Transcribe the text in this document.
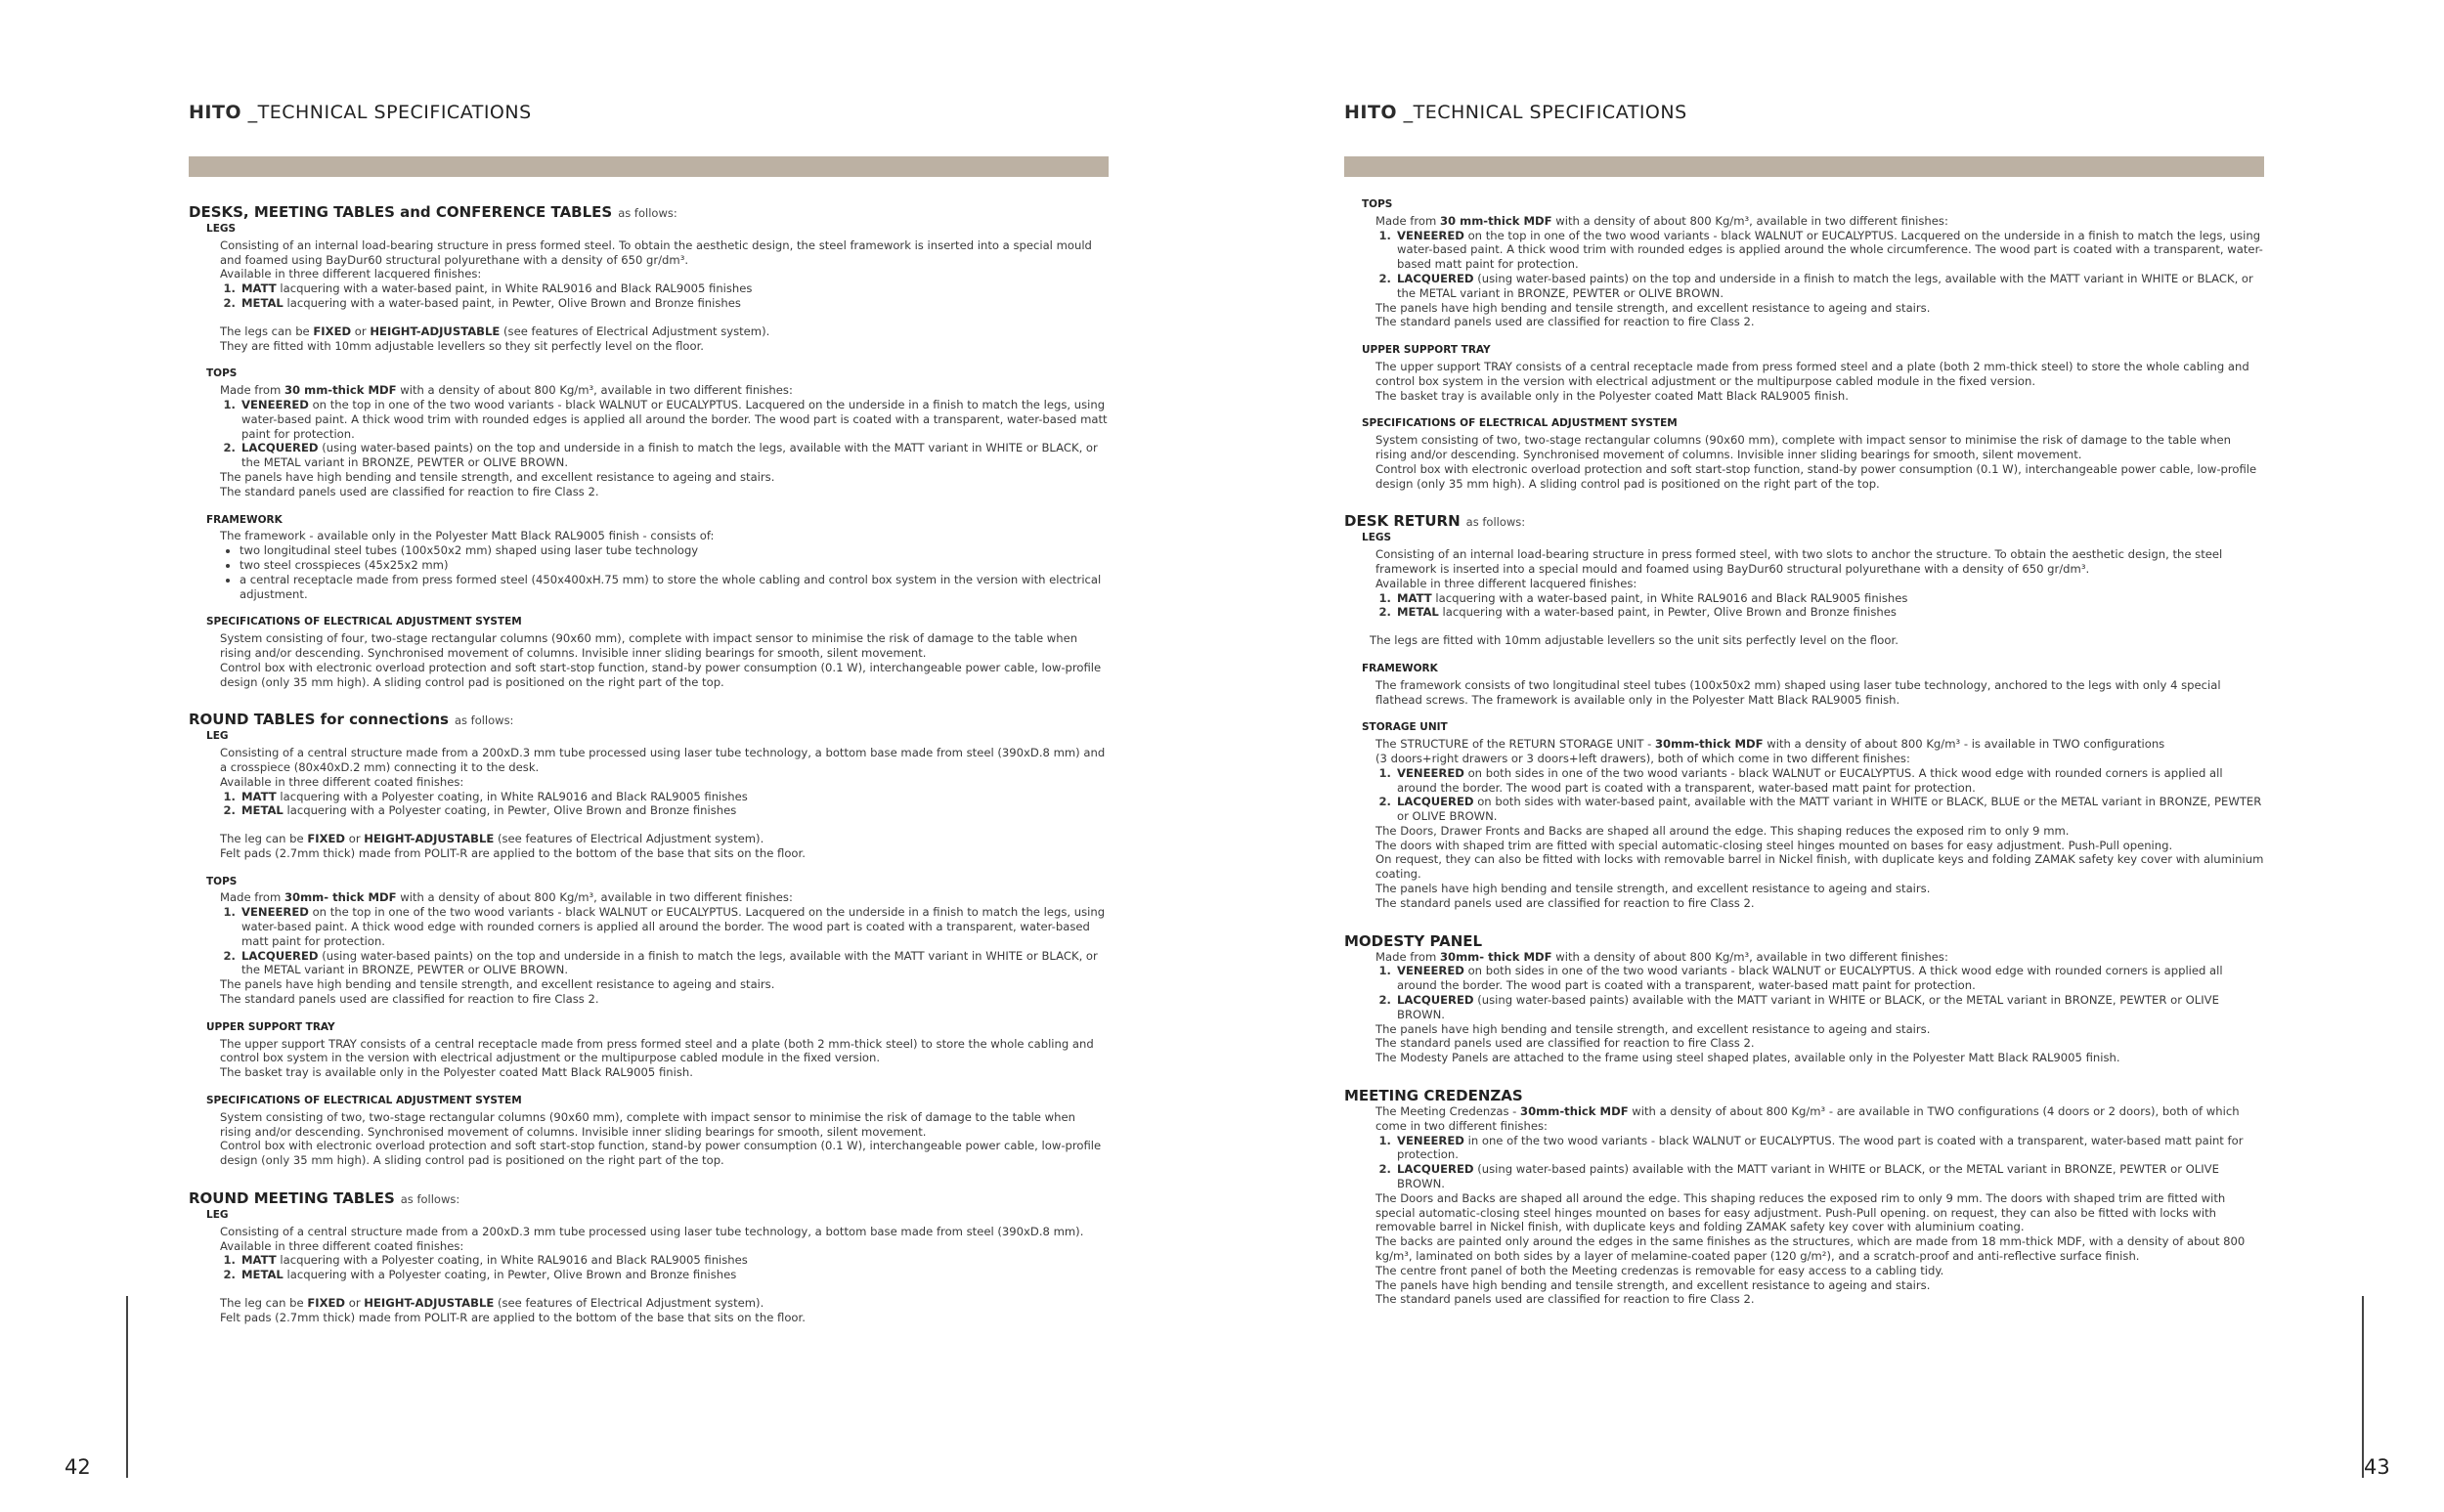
HITO _TECHNICAL SPECIFICATIONS
DESKS, MEETING TABLES and CONFERENCE TABLES as follows:
LEGS
Consisting of an internal load-bearing structure in press formed steel. To obtain the aesthetic design, the steel framework is inserted into a special mould and foamed using BayDur60 structural polyurethane with a density of 650 gr/dm³.
Available in three different lacquered finishes:
1. MATT lacquering with a water-based paint, in White RAL9016 and Black RAL9005 finishes
2. METAL lacquering with a water-based paint, in Pewter, Olive Brown and Bronze finishes
The legs can be FIXED or HEIGHT-ADJUSTABLE (see features of Electrical Adjustment system).
They are fitted with 10mm adjustable levellers so they sit perfectly level on the floor.
TOPS
Made from 30 mm-thick MDF with a density of about 800 Kg/m³, available in two different finishes:
1. VENEERED on the top in one of the two wood variants - black WALNUT or EUCALYPTUS. Lacquered on the underside in a finish to match the legs, using water-based paint. A thick wood trim with rounded edges is applied all around the border. The wood part is coated with a transparent, water-based matt paint for protection.
2. LACQUERED (using water-based paints) on the top and underside in a finish to match the legs, available with the MATT variant in WHITE or BLACK, or the METAL variant in BRONZE, PEWTER or OLIVE BROWN.
The panels have high bending and tensile strength, and excellent resistance to ageing and stairs.
The standard panels used are classified for reaction to fire Class 2.
FRAMEWORK
The framework - available only in the Polyester Matt Black RAL9005 finish - consists of:
• two longitudinal steel tubes (100x50x2 mm) shaped using laser tube technology
• two steel crosspieces (45x25x2 mm)
• a central receptacle made from press formed steel (450x400xH.75 mm) to store the whole cabling and control box system in the version with electrical adjustment.
SPECIFICATIONS OF ELECTRICAL ADJUSTMENT SYSTEM
System consisting of four, two-stage rectangular columns (90x60 mm), complete with impact sensor to minimise the risk of damage to the table when rising and/or descending. Synchronised movement of columns. Invisible inner sliding bearings for smooth, silent movement.
Control box with electronic overload protection and soft start-stop function, stand-by power consumption (0.1 W), interchangeable power cable, low-profile design (only 35 mm high). A sliding control pad is positioned on the right part of the top.
ROUND TABLES for connections as follows:
LEG
Consisting of a central structure made from a 200xD.3 mm tube processed using laser tube technology, a bottom base made from steel (390xD.8 mm) and a crosspiece (80x40xD.2 mm) connecting it to the desk.
Available in three different coated finishes:
1. MATT lacquering with a Polyester coating, in White RAL9016 and Black RAL9005 finishes
2. METAL lacquering with a Polyester coating, in Pewter, Olive Brown and Bronze finishes
The leg can be FIXED or HEIGHT-ADJUSTABLE (see features of Electrical Adjustment system).
Felt pads (2.7mm thick) made from POLIT-R are applied to the bottom of the base that sits on the floor.
TOPS
Made from 30mm- thick MDF with a density of about 800 Kg/m³, available in two different finishes:
1. VENEERED on the top in one of the two wood variants - black WALNUT or EUCALYPTUS. Lacquered on the underside in a finish to match the legs, using water-based paint. A thick wood edge with rounded corners is applied all around the border. The wood part is coated with a transparent, water-based matt paint for protection.
2. LACQUERED (using water-based paints) on the top and underside in a finish to match the legs, available with the MATT variant in WHITE or BLACK, or the METAL variant in BRONZE, PEWTER or OLIVE BROWN.
The panels have high bending and tensile strength, and excellent resistance to ageing and stairs.
The standard panels used are classified for reaction to fire Class 2.
UPPER SUPPORT TRAY
The upper support TRAY consists of a central receptacle made from press formed steel and a plate (both 2 mm-thick steel) to store the whole cabling and control box system in the version with electrical adjustment or the multipurpose cabled module in the fixed version.
The basket tray is available only in the Polyester coated Matt Black RAL9005 finish.
SPECIFICATIONS OF ELECTRICAL ADJUSTMENT SYSTEM
System consisting of two, two-stage rectangular columns (90x60 mm), complete with impact sensor to minimise the risk of damage to the table when rising and/or descending. Synchronised movement of columns. Invisible inner sliding bearings for smooth, silent movement.
Control box with electronic overload protection and soft start-stop function, stand-by power consumption (0.1 W), interchangeable power cable, low-profile design (only 35 mm high). A sliding control pad is positioned on the right part of the top.
ROUND MEETING TABLES as follows:
LEG
Consisting of a central structure made from a 200xD.3 mm tube processed using laser tube technology, a bottom base made from steel (390xD.8 mm). Available in three different coated finishes:
1. MATT lacquering with a Polyester coating, in White RAL9016 and Black RAL9005 finishes
2. METAL lacquering with a Polyester coating, in Pewter, Olive Brown and Bronze finishes
The leg can be FIXED or HEIGHT-ADJUSTABLE (see features of Electrical Adjustment system).
Felt pads (2.7mm thick) made from POLIT-R are applied to the bottom of the base that sits on the floor.
42
HITO _TECHNICAL SPECIFICATIONS
TOPS
Made from 30 mm-thick MDF with a density of about 800 Kg/m³, available in two different finishes:
1. VENEERED on the top in one of the two wood variants - black WALNUT or EUCALYPTUS. Lacquered on the underside in a finish to match the legs, using water-based paint. A thick wood trim with rounded edges is applied around the whole circumference. The wood part is coated with a transparent, water-based matt paint for protection.
2. LACQUERED (using water-based paints) on the top and underside in a finish to match the legs, available with the MATT variant in WHITE or BLACK, or the METAL variant in BRONZE, PEWTER or OLIVE BROWN.
The panels have high bending and tensile strength, and excellent resistance to ageing and stairs.
The standard panels used are classified for reaction to fire Class 2.
UPPER SUPPORT TRAY
The upper support TRAY consists of a central receptacle made from press formed steel and a plate (both 2 mm-thick steel) to store the whole cabling and control box system in the version with electrical adjustment or the multipurpose cabled module in the fixed version.
The basket tray is available only in the Polyester coated Matt Black RAL9005 finish.
SPECIFICATIONS OF ELECTRICAL ADJUSTMENT SYSTEM
System consisting of two, two-stage rectangular columns (90x60 mm), complete with impact sensor to minimise the risk of damage to the table when rising and/or descending. Synchronised movement of columns. Invisible inner sliding bearings for smooth, silent movement.
Control box with electronic overload protection and soft start-stop function, stand-by power consumption (0.1 W), interchangeable power cable, low-profile design (only 35 mm high). A sliding control pad is positioned on the right part of the top.
DESK RETURN as follows:
LEGS
Consisting of an internal load-bearing structure in press formed steel, with two slots to anchor the structure. To obtain the aesthetic design, the steel framework is inserted into a special mould and foamed using BayDur60 structural polyurethane with a density of 650 gr/dm³.
Available in three different lacquered finishes:
1. MATT lacquering with a water-based paint, in White RAL9016 and Black RAL9005 finishes
2. METAL lacquering with a water-based paint, in Pewter, Olive Brown and Bronze finishes
The legs are fitted with 10mm adjustable levellers so the unit sits perfectly level on the floor.
FRAMEWORK
The framework consists of two longitudinal steel tubes (100x50x2 mm) shaped using laser tube technology, anchored to the legs with only 4 special flathead screws. The framework is available only in the Polyester Matt Black RAL9005 finish.
STORAGE UNIT
The STRUCTURE of the RETURN STORAGE UNIT - 30mm-thick MDF with a density of about 800 Kg/m³ - is available in TWO configurations
(3 doors+right drawers or 3 doors+left drawers), both of which come in two different finishes:
1. VENEERED on both sides in one of the two wood variants - black WALNUT or EUCALYPTUS. A thick wood edge with rounded corners is applied all around the border. The wood part is coated with a transparent, water-based matt paint for protection.
2. LACQUERED on both sides with water-based paint, available with the MATT variant in WHITE or BLACK, BLUE or the METAL variant in BRONZE, PEWTER or OLIVE BROWN.
The Doors, Drawer Fronts and Backs are shaped all around the edge. This shaping reduces the exposed rim to only 9 mm.
The doors with shaped trim are fitted with special automatic-closing steel hinges mounted on bases for easy adjustment. Push-Pull opening.
On request, they can also be fitted with locks with removable barrel in Nickel finish, with duplicate keys and folding ZAMAK safety key cover with aluminium coating.
The panels have high bending and tensile strength, and excellent resistance to ageing and stairs.
The standard panels used are classified for reaction to fire Class 2.
MODESTY PANEL
Made from 30mm- thick MDF with a density of about 800 Kg/m³, available in two different finishes:
1. VENEERED on both sides in one of the two wood variants - black WALNUT or EUCALYPTUS. A thick wood edge with rounded corners is applied all around the border. The wood part is coated with a transparent, water-based matt paint for protection.
2. LACQUERED (using water-based paints) available with the MATT variant in WHITE or BLACK, or the METAL variant in BRONZE, PEWTER or OLIVE BROWN.
The panels have high bending and tensile strength, and excellent resistance to ageing and stairs.
The standard panels used are classified for reaction to fire Class 2.
The Modesty Panels are attached to the frame using steel shaped plates, available only in the Polyester Matt Black RAL9005 finish.
MEETING CREDENZAS
The Meeting Credenzas - 30mm-thick MDF with a density of about 800 Kg/m³ - are available in TWO configurations (4 doors or 2 doors), both of which come in two different finishes:
1. VENEERED in one of the two wood variants - black WALNUT or EUCALYPTUS. The wood part is coated with a transparent, water-based matt paint for protection.
2. LACQUERED (using water-based paints) available with the MATT variant in WHITE or BLACK, or the METAL variant in BRONZE, PEWTER or OLIVE BROWN.
The Doors and Backs are shaped all around the edge. This shaping reduces the exposed rim to only 9 mm. The doors with shaped trim are fitted with special automatic-closing steel hinges mounted on bases for easy adjustment. Push-Pull opening. on request, they can also be fitted with locks with removable barrel in Nickel finish, with duplicate keys and folding ZAMAK safety key cover with aluminium coating.
The backs are painted only around the edges in the same finishes as the structures, which are made from 18 mm-thick MDF, with a density of about 800 kg/m³, laminated on both sides by a layer of melamine-coated paper (120 g/m²), and a scratch-proof and anti-reflective surface finish.
The centre front panel of both the Meeting credenzas is removable for easy access to a cabling tidy.
The panels have high bending and tensile strength, and excellent resistance to ageing and stairs.
The standard panels used are classified for reaction to fire Class 2.
43
